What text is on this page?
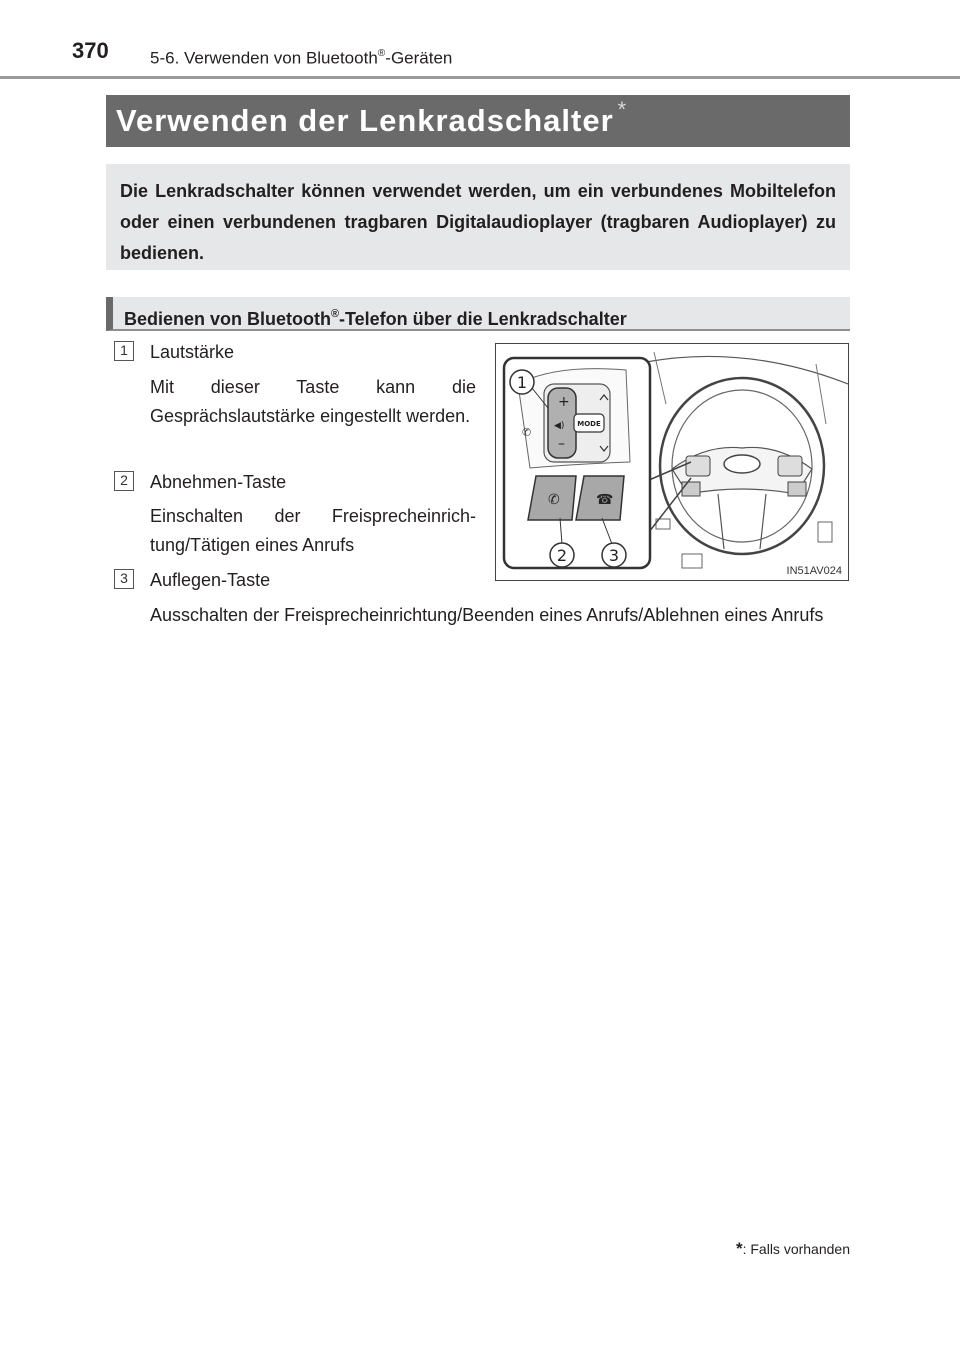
370 5-6. Verwenden von Bluetooth®-Geräten
Verwenden der Lenkradschalter *
Die Lenkradschalter können verwendet werden, um ein verbundenes Mobiltelefon oder einen verbundenen tragbaren Digitalaudioplayer (tragbaren Audioplayer) zu bedienen.
Bedienen von Bluetooth®-Telefon über die Lenkradschalter
1	Lautstärke
Mit dieser Taste kann die Gesprächslautstärke eingestellt werden.
2	Abnehmen-Taste
Einschalten der Freisprecheinrichtung/Tätigen eines Anrufs
3	Auflegen-Taste
Ausschalten der Freisprecheinrichtung/Beenden eines Anrufs/Ablehnen eines Anrufs
+
–
◀) MODE
✆
✆	☎
1
2	3
IN51AV024
*: Falls vorhanden
